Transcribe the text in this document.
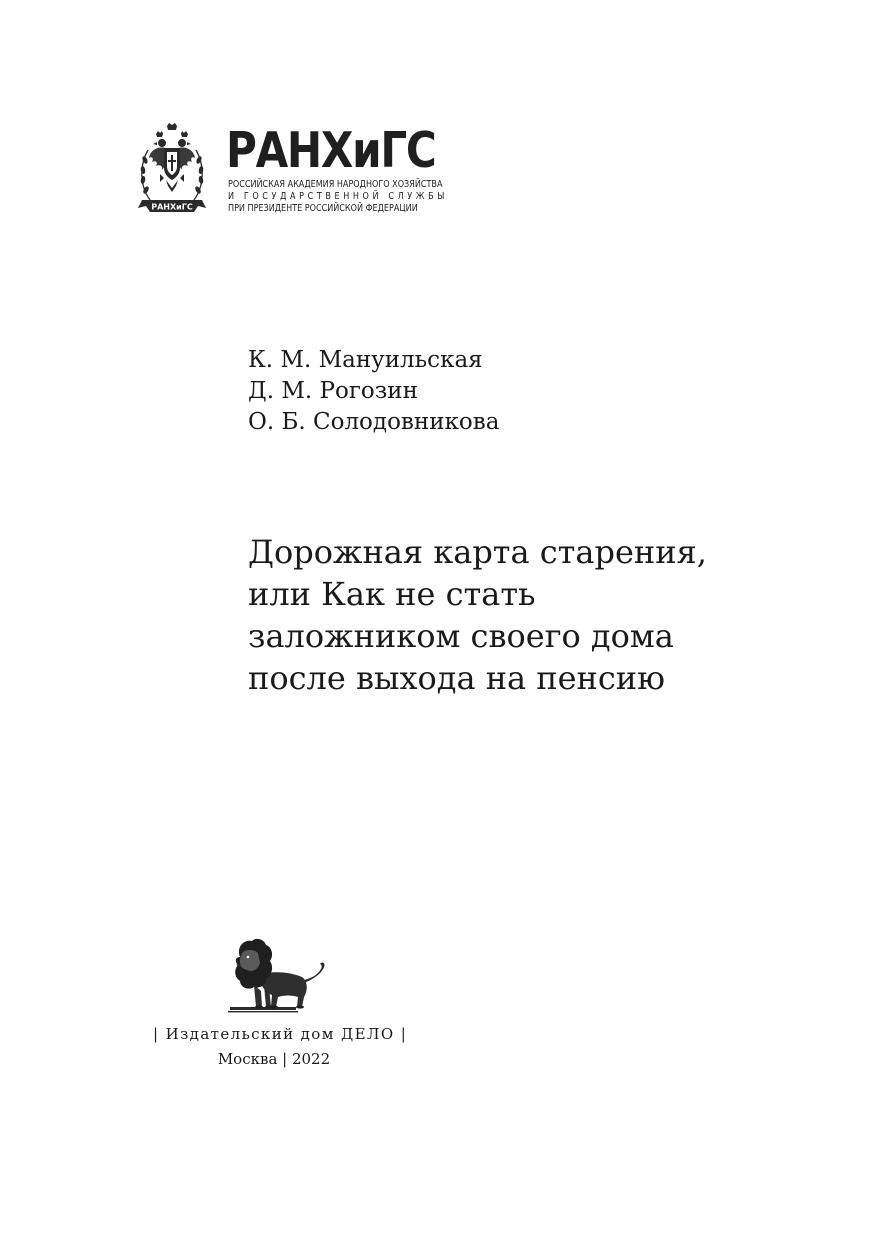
РАНХиГС
РАНХиГС
РОССИЙСКАЯ АКАДЕМИЯ НАРОДНОГО ХОЗЯЙСТВА
И ГОСУДАРСТВЕННОЙ СЛУЖБЫ
ПРИ ПРЕЗИДЕНТЕ РОССИЙСКОЙ ФЕДЕРАЦИИ
К. М. Мануильская
Д. М. Рогозин
О. Б. Солодовникова
Дорожная карта старения,
или Как не стать
заложником своего дома
после выхода на пенсию
| Издательский дом ДЕЛО |
Москва | 2022
